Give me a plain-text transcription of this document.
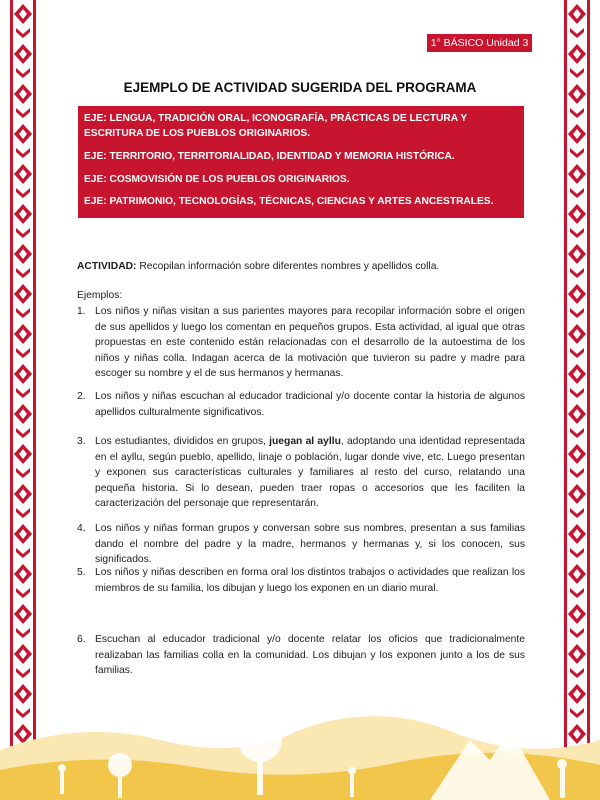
1° BÁSICO Unidad 3
EJEMPLO DE ACTIVIDAD SUGERIDA DEL PROGRAMA
EJE: LENGUA, TRADICIÓN ORAL, ICONOGRAFÍA, PRÁCTICAS DE LECTURA Y ESCRITURA DE LOS PUEBLOS ORIGINARIOS.
EJE: TERRITORIO, TERRITORIALIDAD, IDENTIDAD Y MEMORIA HISTÓRICA.
EJE: COSMOVISIÓN DE LOS PUEBLOS ORIGINARIOS.
EJE: PATRIMONIO, TECNOLOGÍAS, TÉCNICAS, CIENCIAS Y ARTES ANCESTRALES.
ACTIVIDAD: Recopilan información sobre diferentes nombres y apellidos colla.
Ejemplos:
1. Los niños y niñas visitan a sus parientes mayores para recopilar información sobre el origen de sus apellidos y luego los comentan en pequeños grupos. Esta actividad, al igual que otras propuestas en este contenido están relacionadas con el desarrollo de la autoestima de los niños y niñas colla. Indagan acerca de la motivación que tuvieron su padre y madre para escoger su nombre y el de sus hermanos y hermanas.
2. Los niños y niñas escuchan al educador tradicional y/o docente contar la historia de algunos apellidos culturalmente significativos.
3. Los estudiantes, divididos en grupos, juegan al ayllu, adoptando una identidad representada en el ayllu, según pueblo, apellido, linaje o población, lugar donde vive, etc. Luego presentan y exponen sus características culturales y familiares al resto del curso, relatando una pequeña historia. Si lo desean, pueden traer ropas o accesorios que les faciliten la caracterización del personaje que representarán.
4. Los niños y niñas forman grupos y conversan sobre sus nombres, presentan a sus familias dando el nombre del padre y la madre, hermanos y hermanas y, si los conocen, sus significados.
5. Los niños y niñas describen en forma oral los distintos trabajos o actividades que realizan los miembros de su familia, los dibujan y luego los exponen en un diario mural.
6. Escuchan al educador tradicional y/o docente relatar los oficios que tradicionalmente realizaban las familias colla en la comunidad. Los dibujan y los exponen junto a los de sus familias.
